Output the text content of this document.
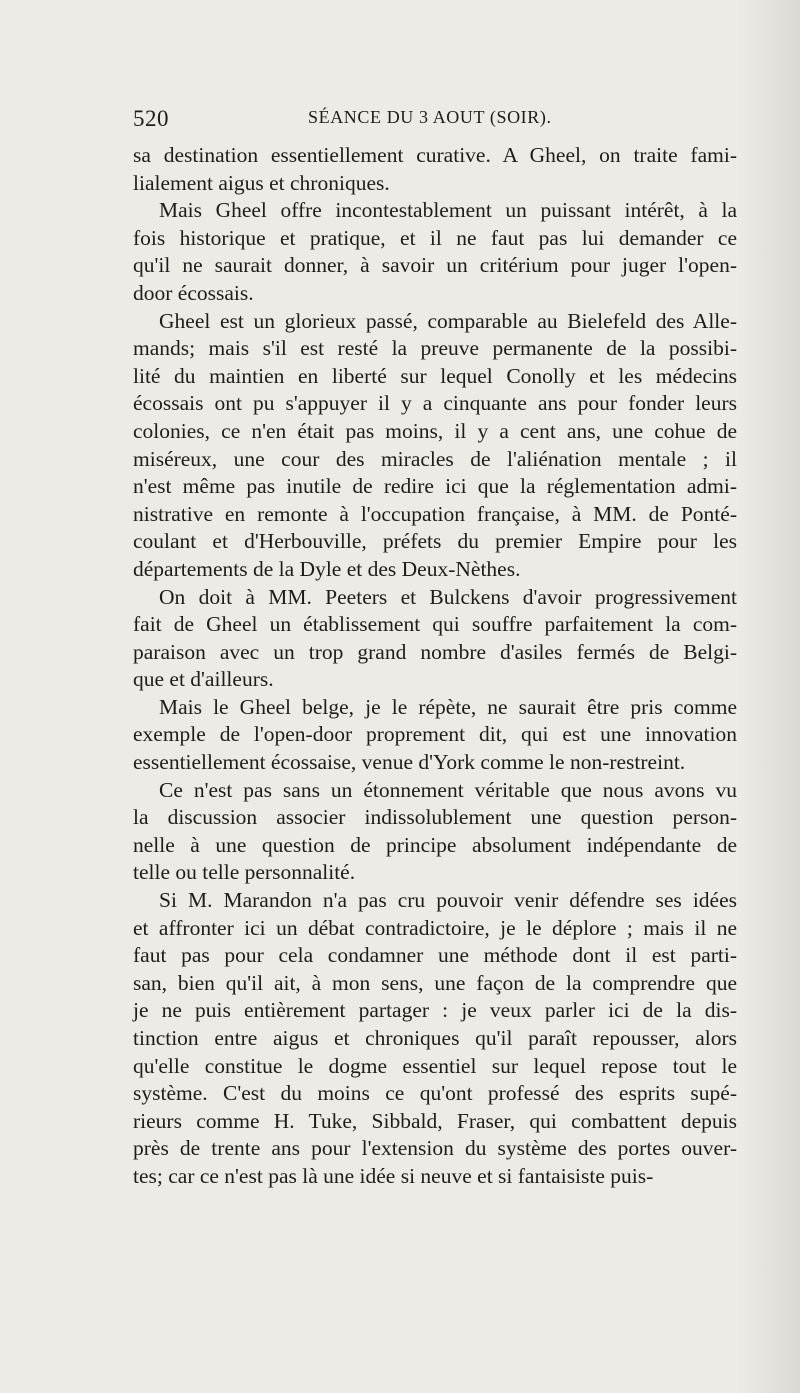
520	SÉANCE DU 3 AOUT (SOIR).

sa destination essentiellement curative. A Gheel, on traite fami-
lialement aigus et chroniques.

Mais Gheel offre incontestablement un puissant intérêt, à la
fois historique et pratique, et il ne faut pas lui demander ce
qu'il ne saurait donner, à savoir un critérium pour juger l'open-
door écossais.

Gheel est un glorieux passé, comparable au Bielefeld des Alle-
mands; mais s'il est resté la preuve permanente de la possibi-
lité du maintien en liberté sur lequel Conolly et les médecins
écossais ont pu s'appuyer il y a cinquante ans pour fonder leurs
colonies, ce n'en était pas moins, il y a cent ans, une cohue de
miséreux, une cour des miracles de l'aliénation mentale ; il
n'est même pas inutile de redire ici que la réglementation admi-
nistrative en remonte à l'occupation française, à MM. de Ponté-
coulant et d'Herbouville, préfets du premier Empire pour les
départements de la Dyle et des Deux-Nèthes.

On doit à MM. Peeters et Bulckens d'avoir progressivement
fait de Gheel un établissement qui souffre parfaitement la com-
paraison avec un trop grand nombre d'asiles fermés de Belgi-
que et d'ailleurs.

Mais le Gheel belge, je le répète, ne saurait être pris comme
exemple de l'open-door proprement dit, qui est une innovation
essentiellement écossaise, venue d'York comme le non-restreint.

Ce n'est pas sans un étonnement véritable que nous avons vu
la discussion associer indissolublement une question person-
nelle à une question de principe absolument indépendante de
telle ou telle personnalité.

Si M. Marandon n'a pas cru pouvoir venir défendre ses idées
et affronter ici un débat contradictoire, je le déplore ; mais il ne
faut pas pour cela condamner une méthode dont il est parti-
san, bien qu'il ait, à mon sens, une façon de la comprendre que
je ne puis entièrement partager : je veux parler ici de la dis-
tinction entre aigus et chroniques qu'il paraît repousser, alors
qu'elle constitue le dogme essentiel sur lequel repose tout le
système. C'est du moins ce qu'ont professé des esprits supé-
rieurs comme H. Tuke, Sibbald, Fraser, qui combattent depuis
près de trente ans pour l'extension du système des portes ouver-
tes; car ce n'est pas là une idée si neuve et si fantaisiste puis-
